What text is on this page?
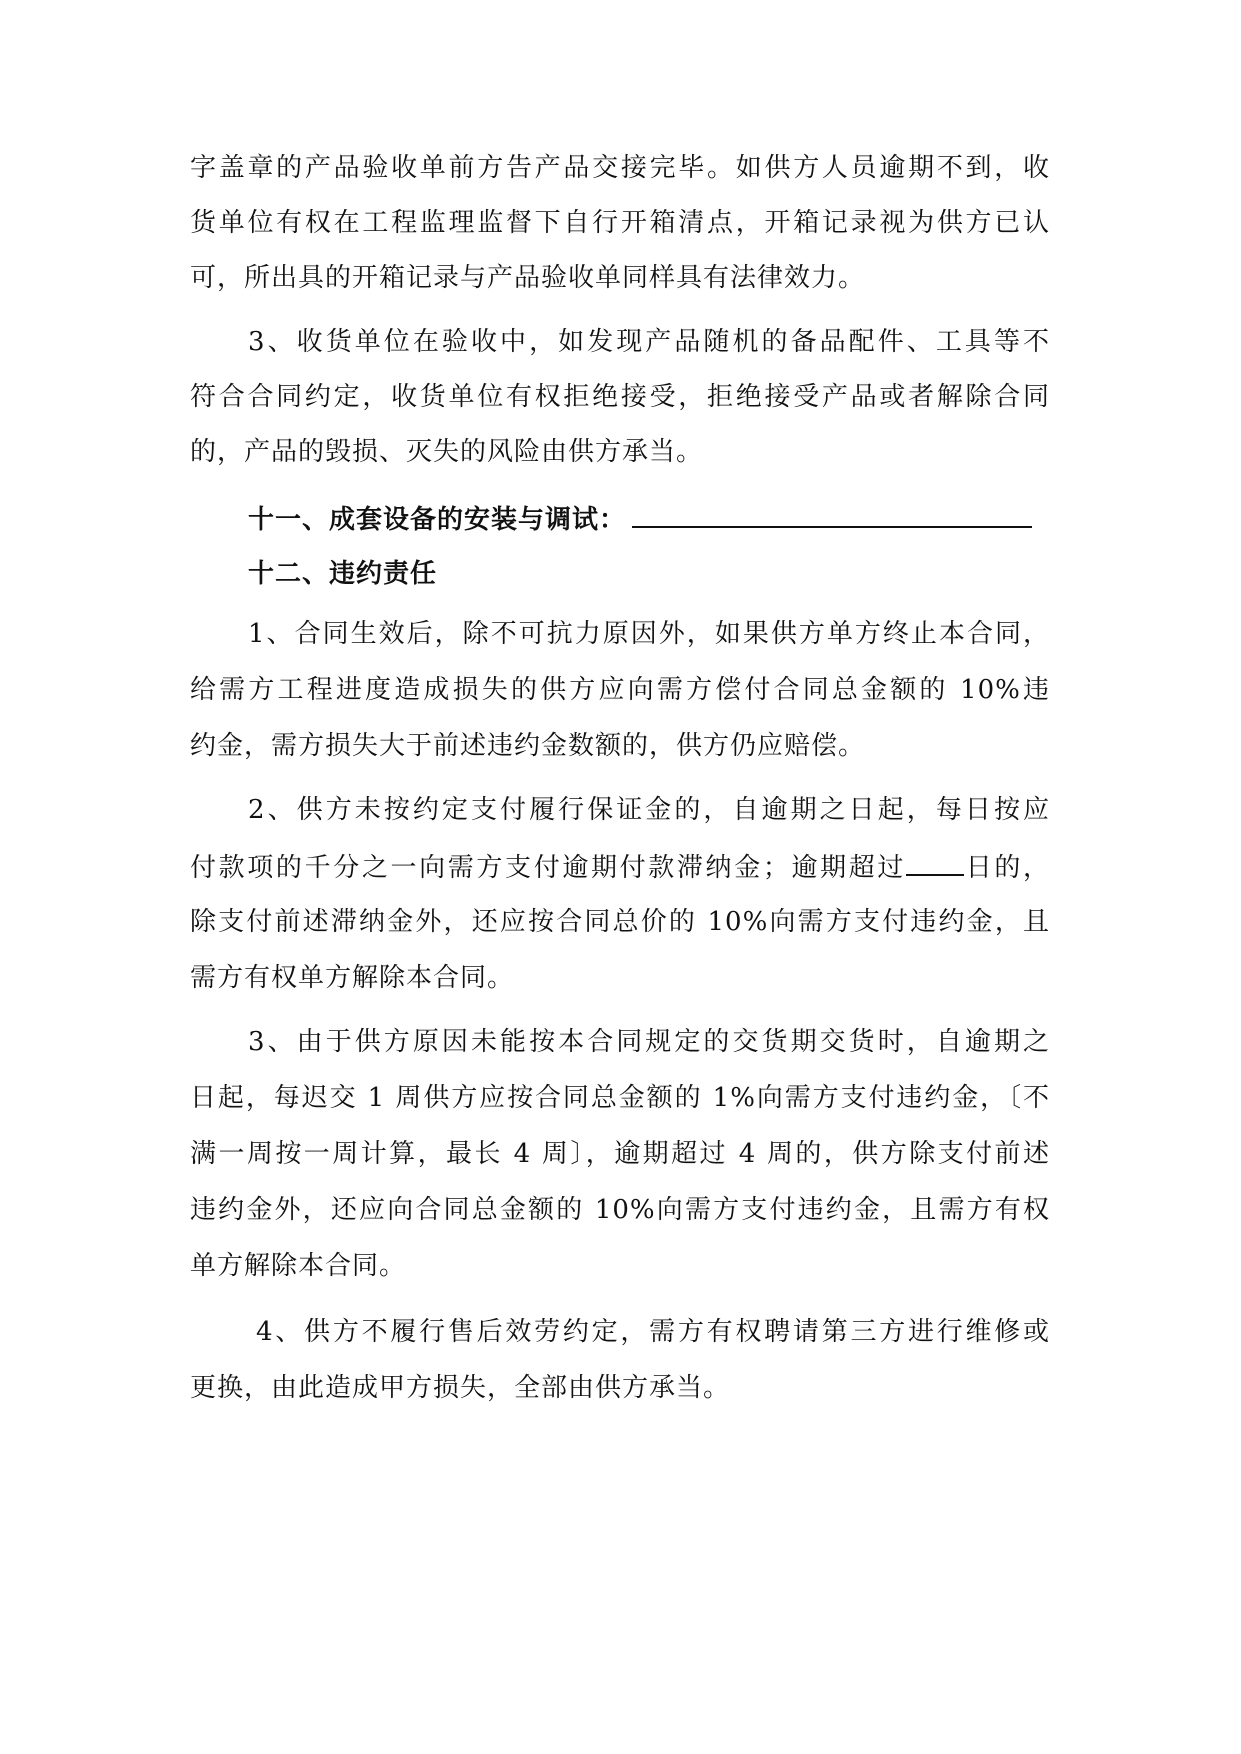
字盖章的产品验收单前方告产品交接完毕。如供方人员逾期不到，收
货单位有权在工程监理监督下自行开箱清点，开箱记录视为供方已认
可，所出具的开箱记录与产品验收单同样具有法律效力。
3、收货单位在验收中，如发现产品随机的备品配件、工具等不
符合合同约定，收货单位有权拒绝接受，拒绝接受产品或者解除合同
的，产品的毁损、灭失的风险由供方承当。
十一、成套设备的安装与调试：
十二、违约责任
1、合同生效后，除不可抗力原因外，如果供方单方终止本合同，
给需方工程进度造成损失的供方应向需方偿付合同总金额的 10%违
约金，需方损失大于前述违约金数额的，供方仍应赔偿。
2、供方未按约定支付履行保证金的，自逾期之日起，每日按应
付款项的千分之一向需方支付逾期付款滞纳金；逾期超过 日的，
除支付前述滞纳金外，还应按合同总价的 10%向需方支付违约金，且
需方有权单方解除本合同。
3、由于供方原因未能按本合同规定的交货期交货时，自逾期之
日起，每迟交 1 周供方应按合同总金额的 1%向需方支付违约金，〔不
满一周按一周计算，最长 4 周〕，逾期超过 4 周的，供方除支付前述
违约金外，还应向合同总金额的 10%向需方支付违约金，且需方有权
单方解除本合同。
4、供方不履行售后效劳约定，需方有权聘请第三方进行维修或
更换，由此造成甲方损失，全部由供方承当。
